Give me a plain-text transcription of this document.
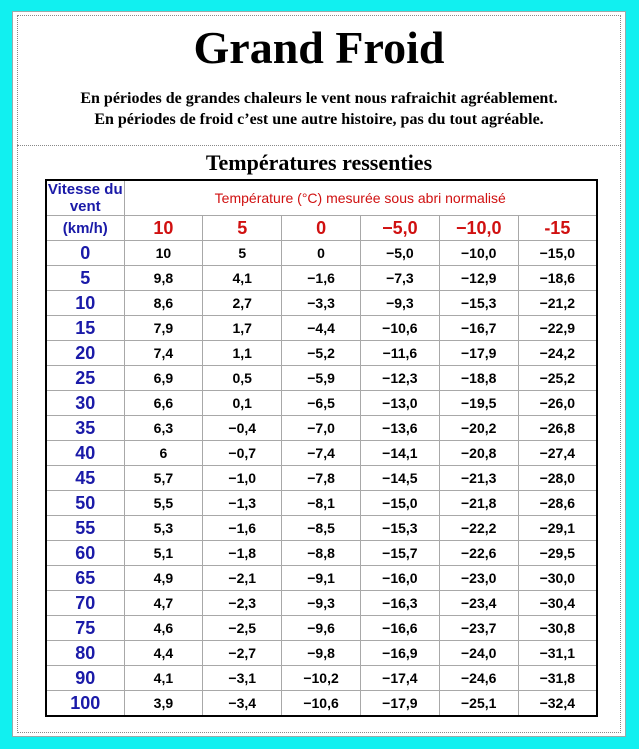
Grand Froid
En périodes de grandes chaleurs le vent nous rafraichit agréablement.
En périodes de froid c’est une autre histoire, pas du tout agréable.
Températures ressenties
Vitesse du vent	Température (°C) mesurée sous abri normalisé					
(km/h)	10	5	0	−5,0	−10,0	-15
0	10	5	0	−5,0	−10,0	−15,0
5	9,8	4,1	−1,6	−7,3	−12,9	−18,6
10	8,6	2,7	−3,3	−9,3	−15,3	−21,2
15	7,9	1,7	−4,4	−10,6	−16,7	−22,9
20	7,4	1,1	−5,2	−11,6	−17,9	−24,2
25	6,9	0,5	−5,9	−12,3	−18,8	−25,2
30	6,6	0,1	−6,5	−13,0	−19,5	−26,0
35	6,3	−0,4	−7,0	−13,6	−20,2	−26,8
40	6	−0,7	−7,4	−14,1	−20,8	−27,4
45	5,7	−1,0	−7,8	−14,5	−21,3	−28,0
50	5,5	−1,3	−8,1	−15,0	−21,8	−28,6
55	5,3	−1,6	−8,5	−15,3	−22,2	−29,1
60	5,1	−1,8	−8,8	−15,7	−22,6	−29,5
65	4,9	−2,1	−9,1	−16,0	−23,0	−30,0
70	4,7	−2,3	−9,3	−16,3	−23,4	−30,4
75	4,6	−2,5	−9,6	−16,6	−23,7	−30,8
80	4,4	−2,7	−9,8	−16,9	−24,0	−31,1
90	4,1	−3,1	−10,2	−17,4	−24,6	−31,8
100	3,9	−3,4	−10,6	−17,9	−25,1	−32,4
